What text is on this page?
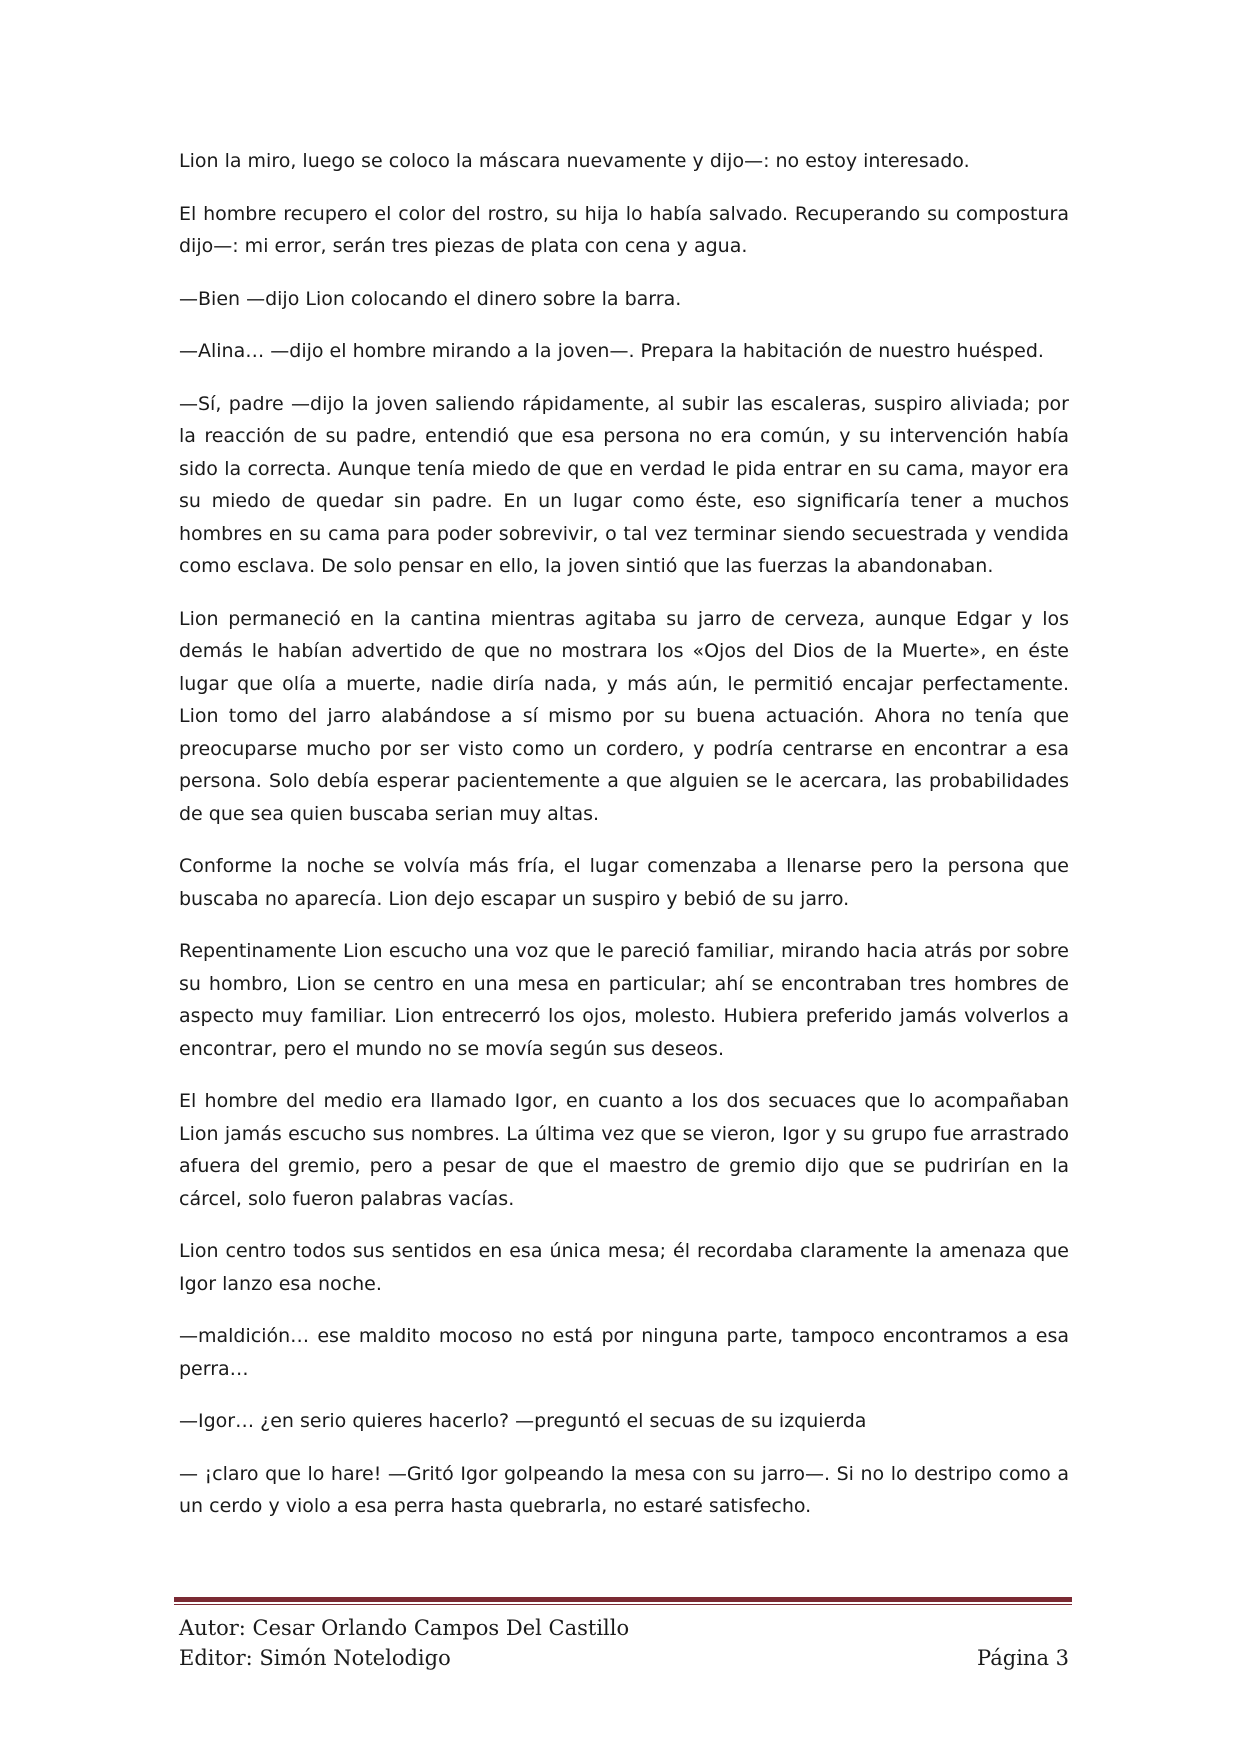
Lion la miro, luego se coloco la máscara nuevamente y dijo—: no estoy interesado.

El hombre recupero el color del rostro, su hija lo había salvado. Recuperando su compostura dijo—: mi error, serán tres piezas de plata con cena y agua.

—Bien —dijo Lion colocando el dinero sobre la barra.

—Alina… —dijo el hombre mirando a la joven—. Prepara la habitación de nuestro huésped.

—Sí, padre —dijo la joven saliendo rápidamente, al subir las escaleras, suspiro aliviada; por la reacción de su padre, entendió que esa persona no era común, y su intervención había sido la correcta. Aunque tenía miedo de que en verdad le pida entrar en su cama, mayor era su miedo de quedar sin padre. En un lugar como éste, eso significaría tener a muchos hombres en su cama para poder sobrevivir, o tal vez terminar siendo secuestrada y vendida como esclava. De solo pensar en ello, la joven sintió que las fuerzas la abandonaban.

Lion permaneció en la cantina mientras agitaba su jarro de cerveza, aunque Edgar y los demás le habían advertido de que no mostrara los «Ojos del Dios de la Muerte», en éste lugar que olía a muerte, nadie diría nada, y más aún, le permitió encajar perfectamente. Lion tomo del jarro alabándose a sí mismo por su buena actuación. Ahora no tenía que preocuparse mucho por ser visto como un cordero, y podría centrarse en encontrar a esa persona. Solo debía esperar pacientemente a que alguien se le acercara, las probabilidades de que sea quien buscaba serian muy altas.

Conforme la noche se volvía más fría, el lugar comenzaba a llenarse pero la persona que buscaba no aparecía. Lion dejo escapar un suspiro y bebió de su jarro.

Repentinamente Lion escucho una voz que le pareció familiar, mirando hacia atrás por sobre su hombro, Lion se centro en una mesa en particular; ahí se encontraban tres hombres de aspecto muy familiar. Lion entrecerró los ojos, molesto. Hubiera preferido jamás volverlos a encontrar, pero el mundo no se movía según sus deseos.

El hombre del medio era llamado Igor, en cuanto a los dos secuaces que lo acompañaban Lion jamás escucho sus nombres. La última vez que se vieron, Igor y su grupo fue arrastrado afuera del gremio, pero a pesar de que el maestro de gremio dijo que se pudrirían en la cárcel, solo fueron palabras vacías.

Lion centro todos sus sentidos en esa única mesa; él recordaba claramente la amenaza que Igor lanzo esa noche.

—maldición… ese maldito mocoso no está por ninguna parte, tampoco encontramos a esa perra…

—Igor… ¿en serio quieres hacerlo? —preguntó el secuas de su izquierda

— ¡claro que lo hare! —Gritó Igor golpeando la mesa con su jarro—. Si no lo destripo como a un cerdo y violo a esa perra hasta quebrarla, no estaré satisfecho.

Autor: Cesar Orlando Campos Del Castillo
Editor: Simón Notelodigo	Página 3
